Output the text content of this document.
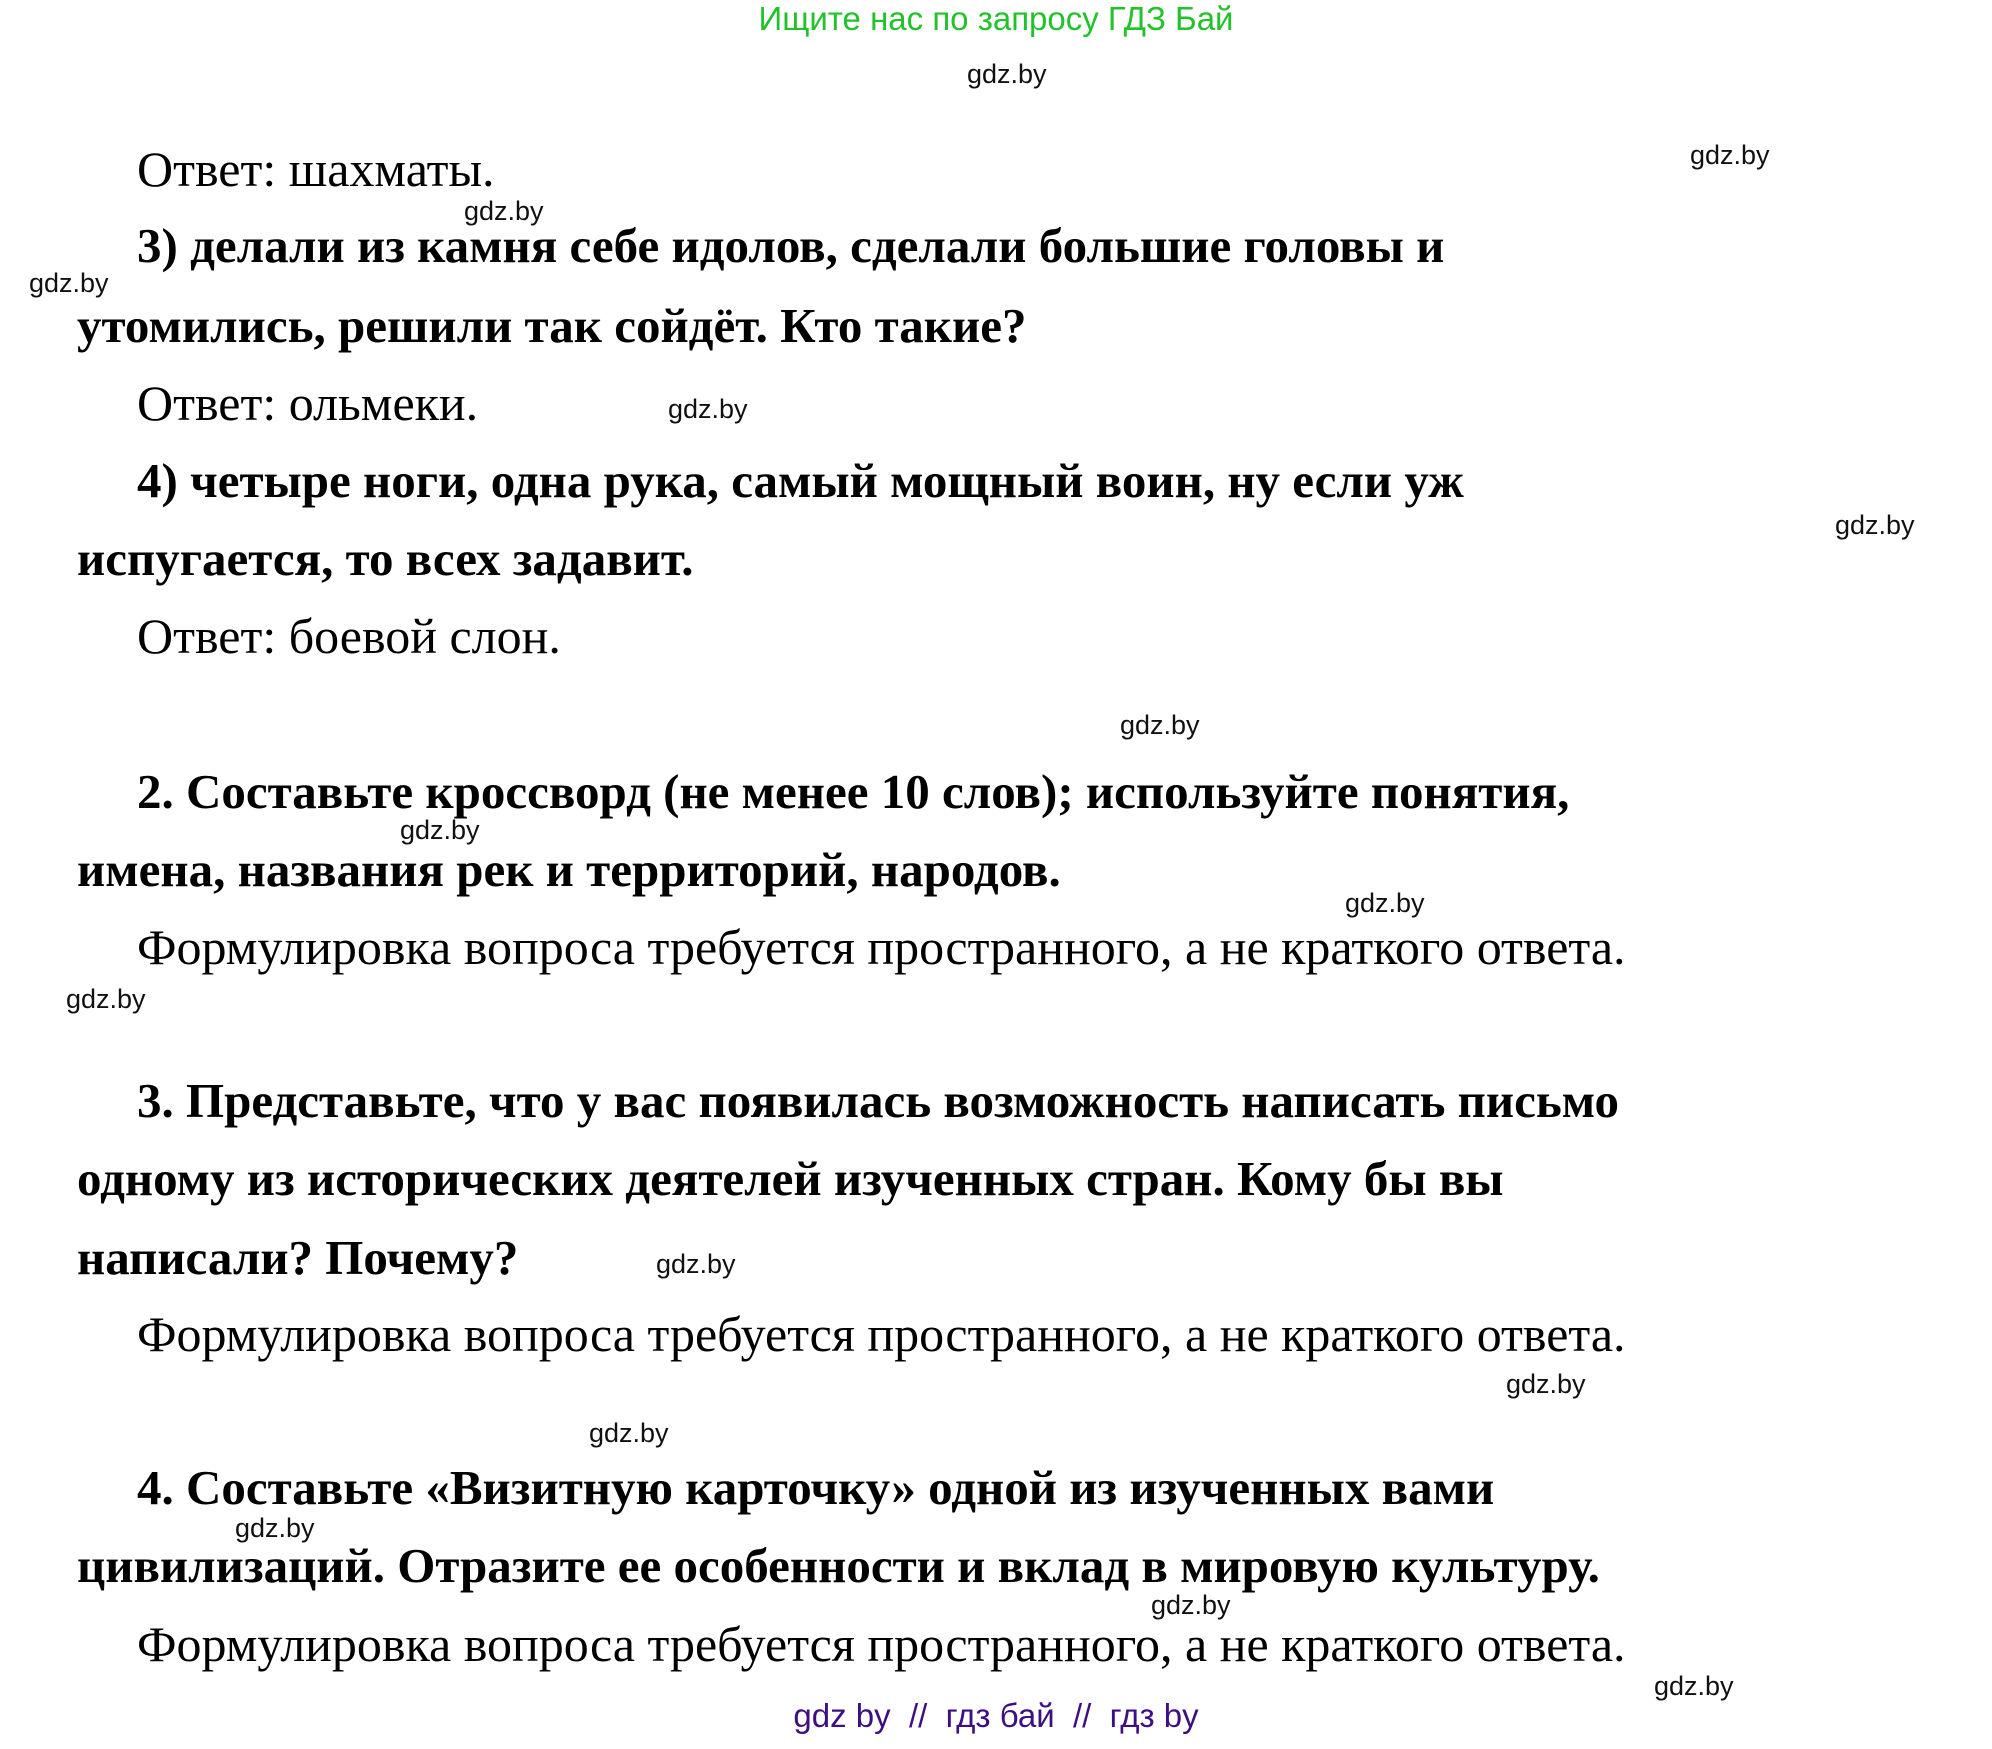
Ищите нас по запросу ГДЗ Бай
Ответ: шахматы.
3) делали из камня себе идолов, сделали большие головы и
утомились, решили так сойдёт. Кто такие?
Ответ: ольмеки.
4) четыре ноги, одна рука, самый мощный воин, ну если уж
испугается, то всех задавит.
Ответ: боевой слон.
2. Составьте кроссворд (не менее 10 слов); используйте понятия,
имена, названия рек и территорий, народов.
Формулировка вопроса требуется пространного, а не краткого ответа.
3. Представьте, что у вас появилась возможность написать письмо
одному из исторических деятелей изученных стран. Кому бы вы
написали? Почему?
Формулировка вопроса требуется пространного, а не краткого ответа.
4. Составьте «Визитную карточку» одной из изученных вами
цивилизаций. Отразите ее особенности и вклад в мировую культуру.
Формулировка вопроса требуется пространного, а не краткого ответа.
gdz.by
gdz.by
gdz.by
gdz.by
gdz.by
gdz.by
gdz.by
gdz.by
gdz.by
gdz.by
gdz.by
gdz.by
gdz.by
gdz.by
gdz.by
gdz.by
gdz by  //  гдз бай  //  гдз by
